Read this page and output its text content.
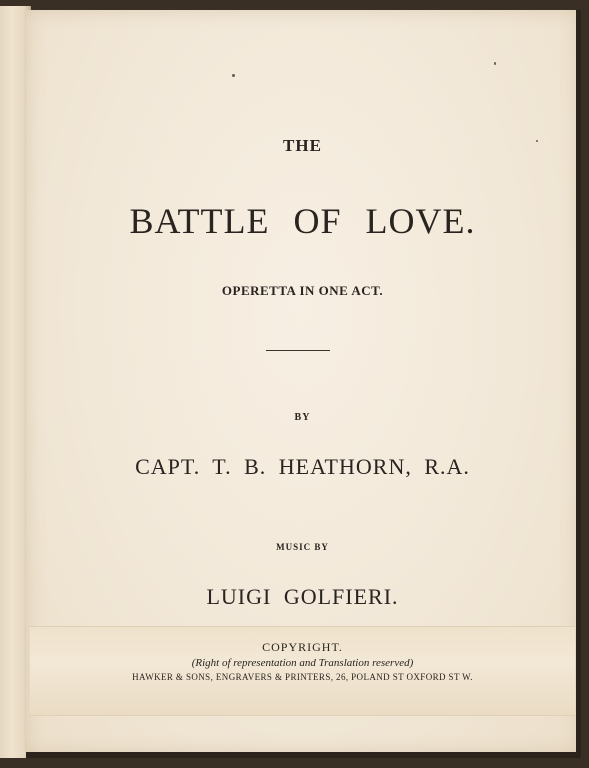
THE

BATTLE OF LOVE.

OPERETTA IN ONE ACT.

BY

CAPT. T. B. HEATHORN, R.A.

MUSIC BY

LUIGI GOLFIERI.

COPYRIGHT.

(Right of representation and Translation reserved)

HAWKER & SONS, ENGRAVERS & PRINTERS, 26, POLAND ST OXFORD ST W.
